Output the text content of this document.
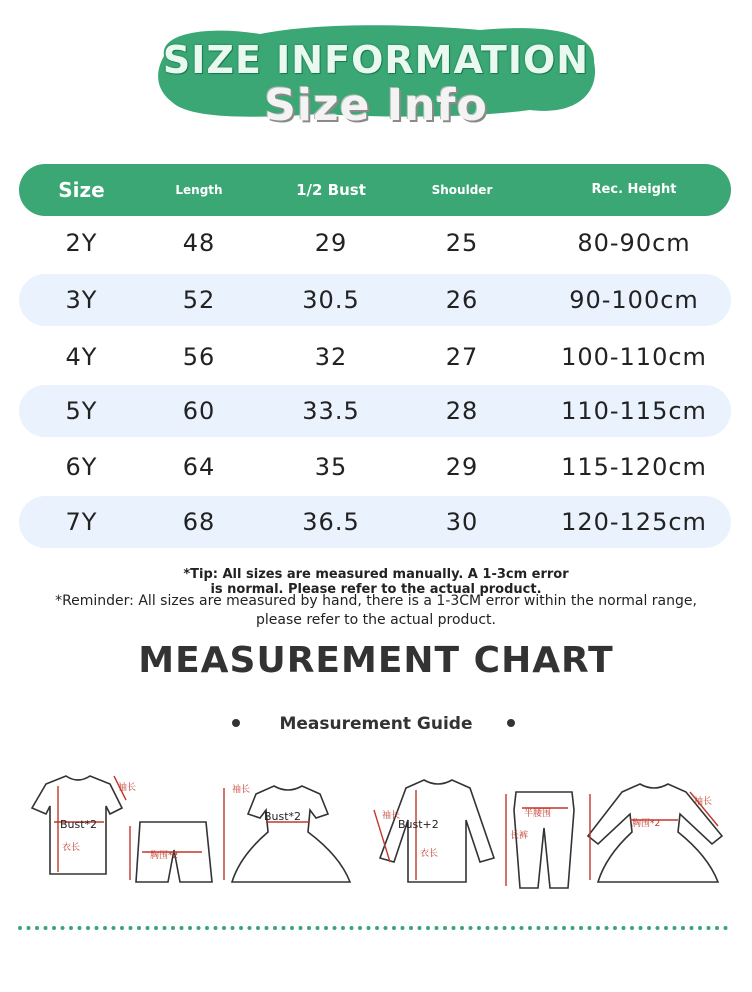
SIZE INFORMATION
Size Info
Size	Length	1/2 Bust	Shoulder	Rec. Height
2Y	48	29	25	80-90cm
3Y	52	30.5	26	90-100cm
4Y	56	32	27	100-110cm
5Y	60	33.5	28	110-115cm
6Y	64	35	29	115-120cm
7Y	68	36.5	30	120-125cm
*Tip: All sizes are measured manually. A 1-3cm error
is normal. Please refer to the actual product.
*Reminder: All sizes are measured by hand, there is a 1-3CM error within the normal range,
please refer to the actual product.
MEASUREMENT CHART
Measurement Guide
Bust*2
袖长
衣长
胸围*2
Bust*2
袖长
Bust+2
袖长
衣长
半腰围
长裤
胸围*2
袖长
